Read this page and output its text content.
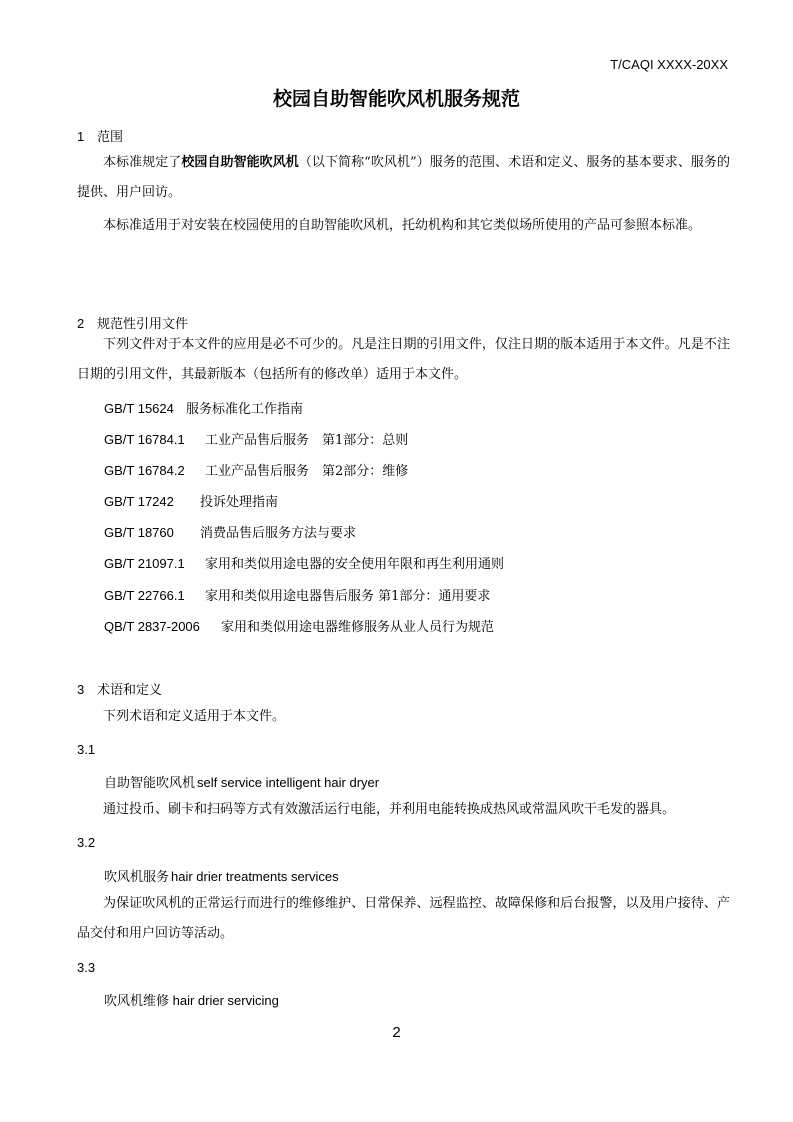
T/CAQI XXXX-20XX
校园自助智能吹风机服务规范
1 范围
本标准规定了校园自助智能吹风机（以下简称“吹风机”）服务的范围、术语和定义、服务的基本要求、服务的提供、用户回访。
本标准适用于对安装在校园使用的自助智能吹风机，托幼机构和其它类似场所使用的产品可参照本标准。
2 规范性引用文件
下列文件对于本文件的应用是必不可少的。凡是注日期的引用文件，仅注日期的版本适用于本文件。凡是不注日期的引用文件，其最新版本（包括所有的修改单）适用于本文件。
GB/T 15624 服务标准化工作指南
GB/T 16784.1 工业产品售后服务　第1部分：总则
GB/T 16784.2 工业产品售后服务　第2部分：维修
GB/T 17242 投诉处理指南
GB/T 18760 消费品售后服务方法与要求
GB/T 21097.1 家用和类似用途电器的安全使用年限和再生利用通则
GB/T 22766.1 家用和类似用途电器售后服务 第1部分：通用要求
QB/T 2837-2006 家用和类似用途电器维修服务从业人员行为规范
3 术语和定义
下列术语和定义适用于本文件。
3.1
自助智能吹风机 self service intelligent hair dryer
通过投币、刷卡和扫码等方式有效激活运行电能，并利用电能转换成热风或常温风吹干毛发的器具。
3.2
吹风机服务 hair drier treatments services
为保证吹风机的正常运行而进行的维修维护、日常保养、远程监控、故障保修和后台报警，以及用户接待、产品交付和用户回访等活动。
3.3
吹风机维修 hair drier servicing
2
